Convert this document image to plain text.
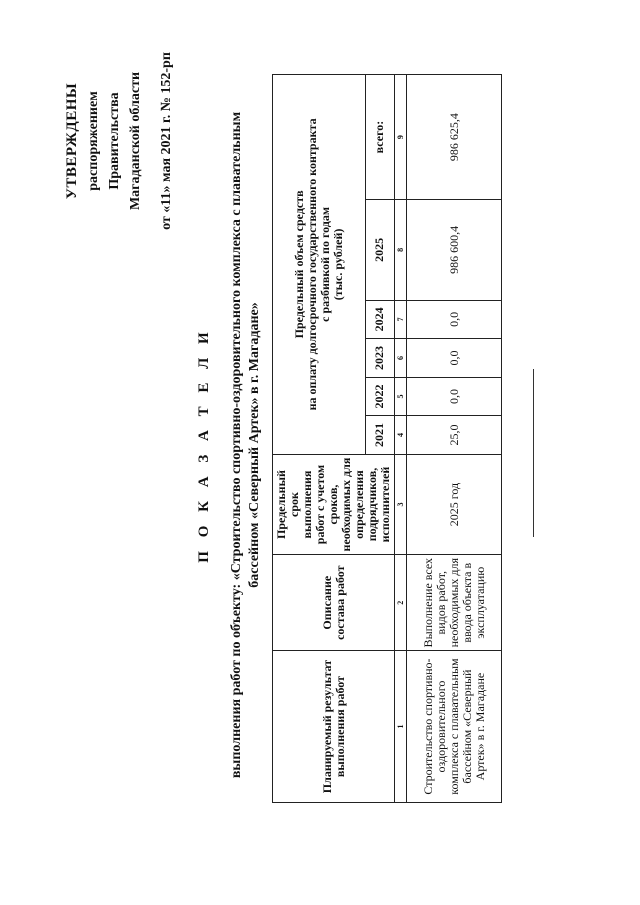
УТВЕРЖДЕНЫ распоряжением Правительства Магаданской области от «11» мая 2021 г. № 152-рп
П О К А З А Т Е Л И выполнения работ по объекту: «Строительство спортивно-оздоровительного комплекса с плавательным бассейном «Северный Артек» в г. Магадане»
Планируемый результат выполнения работ	Описание состава работ	Предельный срок выполнения работ с учетом сроков, необходимых для определения подрядчиков, исполнителей	Предельный объем средств на оплату долгосрочного государственного контракта с разбивкой по годам (тыс. рублей)					

			2021	2022	2023	2024	2025	всего:
1	2	3	4	5	6	7	8	9
Строительство спортивно-оздоровительного комплекса с плавательным бассейном «Северный Артек» в г. Магадане	Выполнение всех видов работ, необходимых для ввода объекта в эксплуатацию	2025 год	25,0	0,0	0,0	0,0	986 600,4	986 625,4
